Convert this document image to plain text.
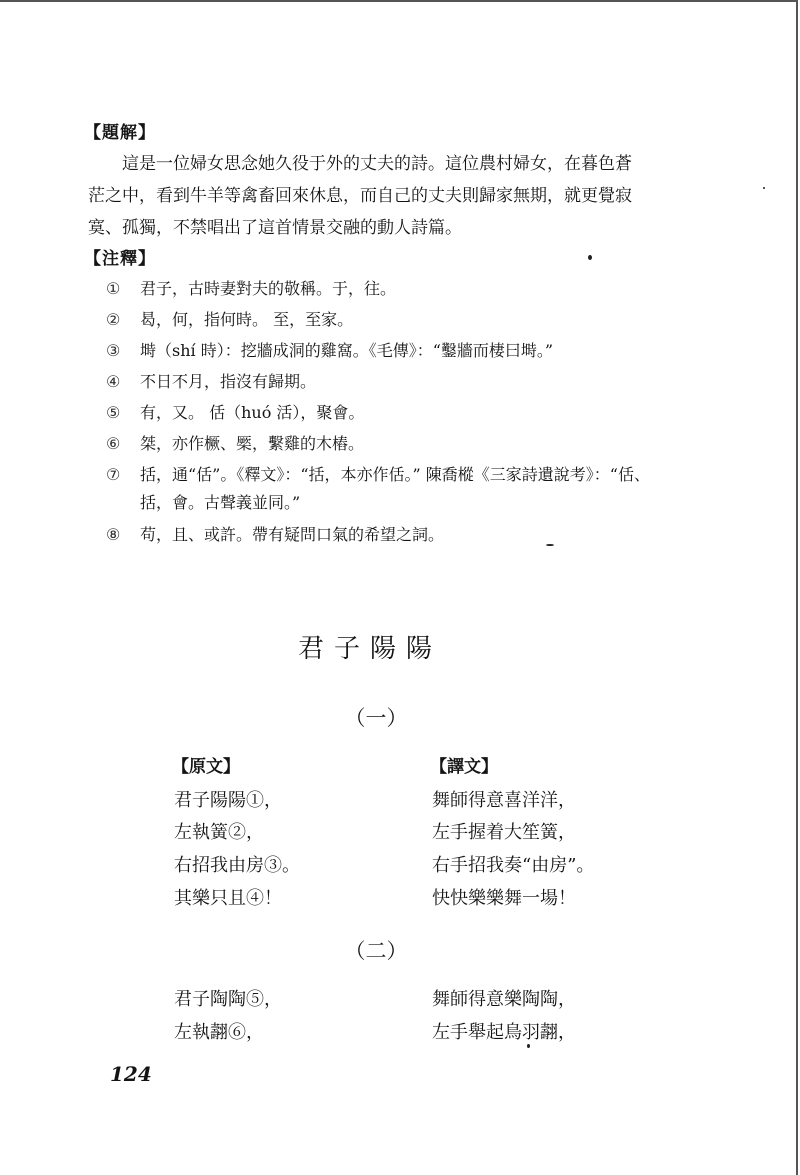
【題解】
這是一位婦女思念她久役于外的丈夫的詩。這位農村婦女，在暮色蒼
茫之中，看到牛羊等禽畜回來休息，而自己的丈夫則歸家無期，就更覺寂
寞、孤獨，不禁唱出了這首情景交融的動人詩篇。
【注釋】
① 君子，古時妻對夫的敬稱。于，往。
② 曷，何，指何時。 至，至家。
③ 塒（shí 時）：挖牆成洞的雞窩。《毛傳》：“鑿牆而棲曰塒。”
④ 不日不月，指沒有歸期。
⑤ 有，又。 佸（huó 活），聚會。
⑥ 桀，亦作橛、橜，繫雞的木樁。
⑦ 括，通“佸”。《釋文》：“括，本亦作佸。” 陳喬樅《三家詩遺說考》：“佸、
括，會。古聲義並同。”
⑧ 苟，且、或許。帶有疑問口氣的希望之詞。
君子陽陽
（一）
【原文】	【譯文】
君子陽陽①，
左執簧②，
右招我由房③。
其樂只且④！
舞師得意喜洋洋，
左手握着大笙簧，
右手招我奏“由房”。
快快樂樂舞一場！
（二）
君子陶陶⑤，
左執翿⑥，
舞師得意樂陶陶，
左手舉起鳥羽翿，
124
